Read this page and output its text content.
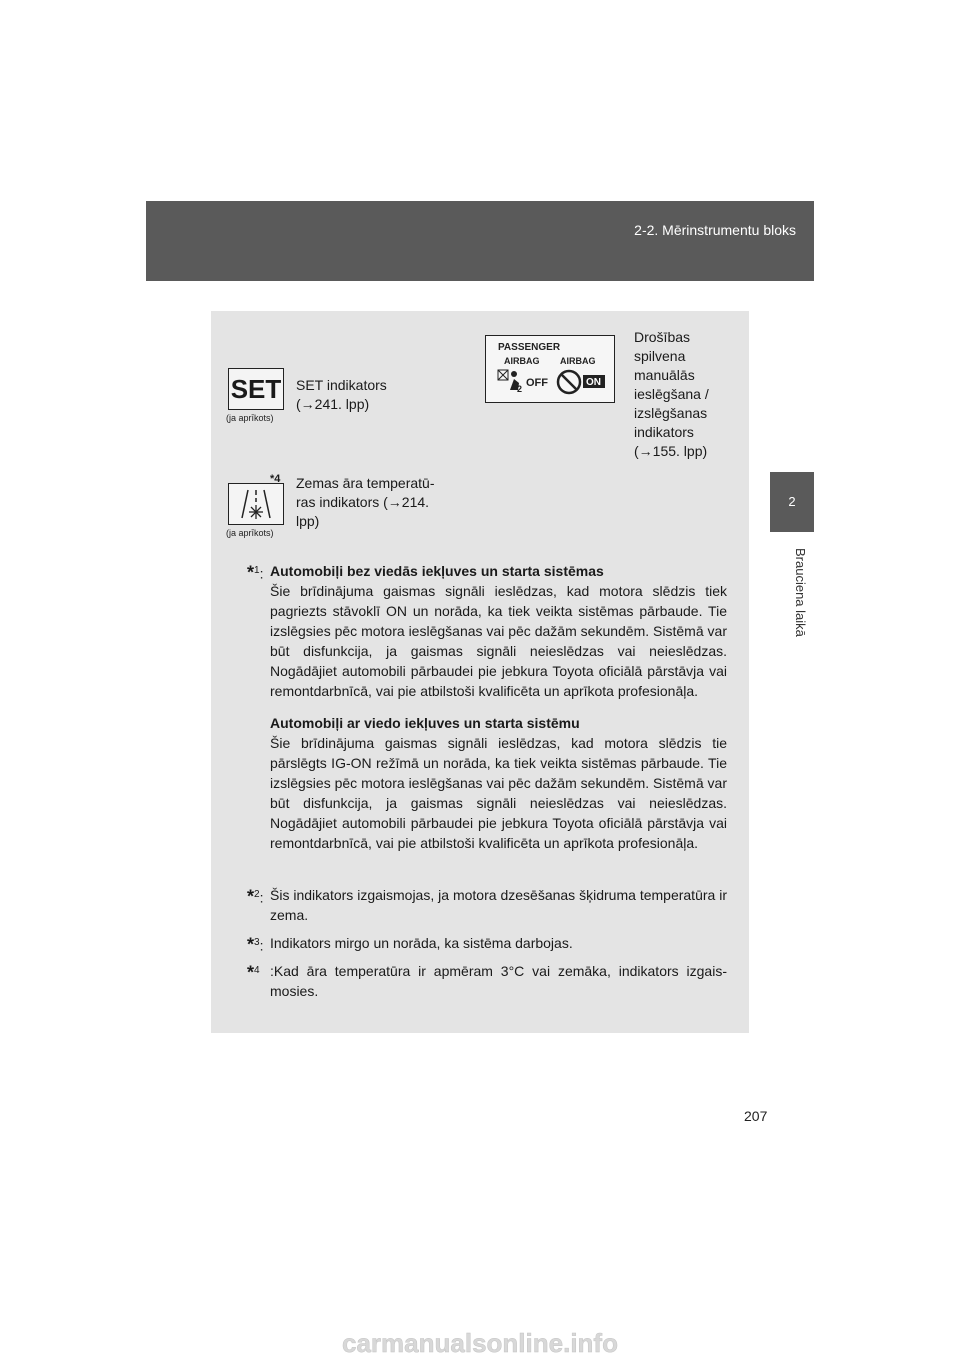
2-2. Mērinstrumentu bloks
2
Brauciena laikā
SET
(ja aprīkots)
SET indikators
(→241. lpp)
PASSENGER
AIRBAG AIRBAG
2 OFF	ON
Drošības
spilvena
manuālās
ieslēgšana /
izslēgšanas
indikators
(→155. lpp)
(ja aprīkots)
*4 Zemas āra temperatū-
ras indikators (→214.
lpp)
*$^1$: Automobiļi bez viedās iekļuves un starta sistēmas
Šie brīdinājuma gaismas signāli ieslēdzas, kad motora slēdzis tiek pagriezts stāvoklī ON un norāda, ka tiek veikta sistēmas pārbaude. Tie izslēgsies pēc motora ieslēgšanas vai pēc dažām sekundēm. Sistēmā var būt disfunkcija, ja gaismas signāli neieslēdzas vai neieslēdzas. Nogādājiet automobili pārbaudei pie jebkura Toyota oficiālā pārstāvja vai remontdarbnīcā, vai pie atbilstoši kvalificēta un aprīkota profesionāļa.
Automobiļi ar viedo iekļuves un starta sistēmu
Šie brīdinājuma gaismas signāli ieslēdzas, kad motora slēdzis tie pārslēgts IG-ON režīmā un norāda, ka tiek veikta sistēmas pārbaude. Tie izslēgsies pēc motora ieslēgšanas vai pēc dažām sekundēm. Sistēmā var būt disfunkcija, ja gaismas signāli neieslēdzas vai neieslēdzas. Nogādājiet automobili pārbaudei pie jebkura Toyota oficiālā pārstāvja vai remontdarbnīcā, vai pie atbilstoši kvalificēta un aprīkota profesionāļa.
*$^2$: Šis indikators izgaismojas, ja motora dzesēšanas šķidruma temperatūra ir zema.
*$^3$: Indikators mirgo un norāda, ka sistēma darbojas.
*$^4$ :Kad āra temperatūra ir apmēram 3°C vai zemāka, indikators izgaismosies.
207
carmanualsonline.info
